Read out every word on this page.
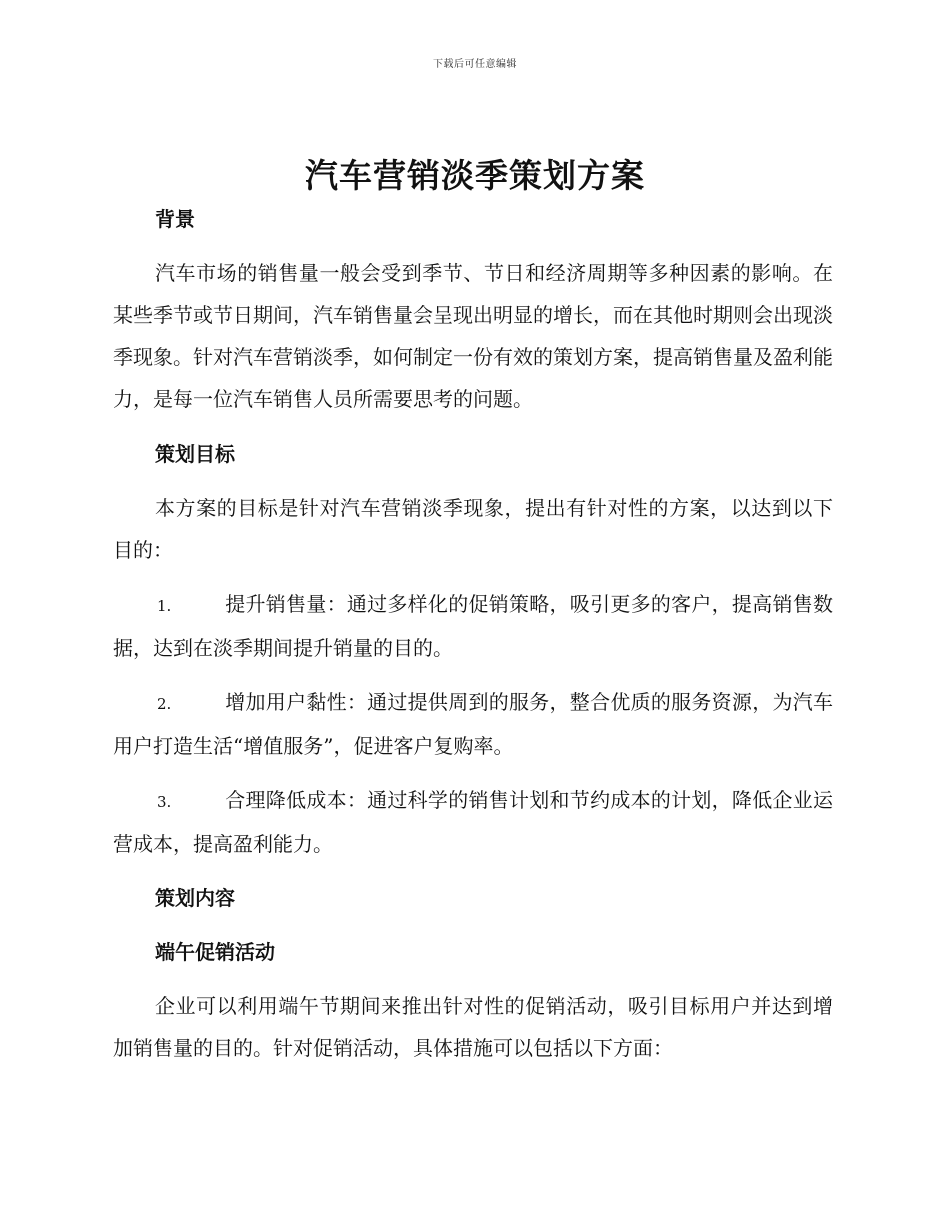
下载后可任意编辑
汽车营销淡季策划方案

背景

汽车市场的销售量一般会受到季节、节日和经济周期等多种因素的影响。在某些季节或节日期间，汽车销售量会呈现出明显的增长，而在其他时期则会出现淡季现象。针对汽车营销淡季，如何制定一份有效的策划方案，提高销售量及盈利能力，是每一位汽车销售人员所需要思考的问题。

策划目标

本方案的目标是针对汽车营销淡季现象，提出有针对性的方案，以达到以下目的：

1.	提升销售量：通过多样化的促销策略，吸引更多的客户，提高销售数据，达到在淡季期间提升销量的目的。

2.	增加用户黏性：通过提供周到的服务，整合优质的服务资源，为汽车用户打造生活“增值服务”，促进客户复购率。

3.	合理降低成本：通过科学的销售计划和节约成本的计划，降低企业运营成本，提高盈利能力。

策划内容

端午促销活动

企业可以利用端午节期间来推出针对性的促销活动，吸引目标用户并达到增加销售量的目的。针对促销活动，具体措施可以包括以下方面：
